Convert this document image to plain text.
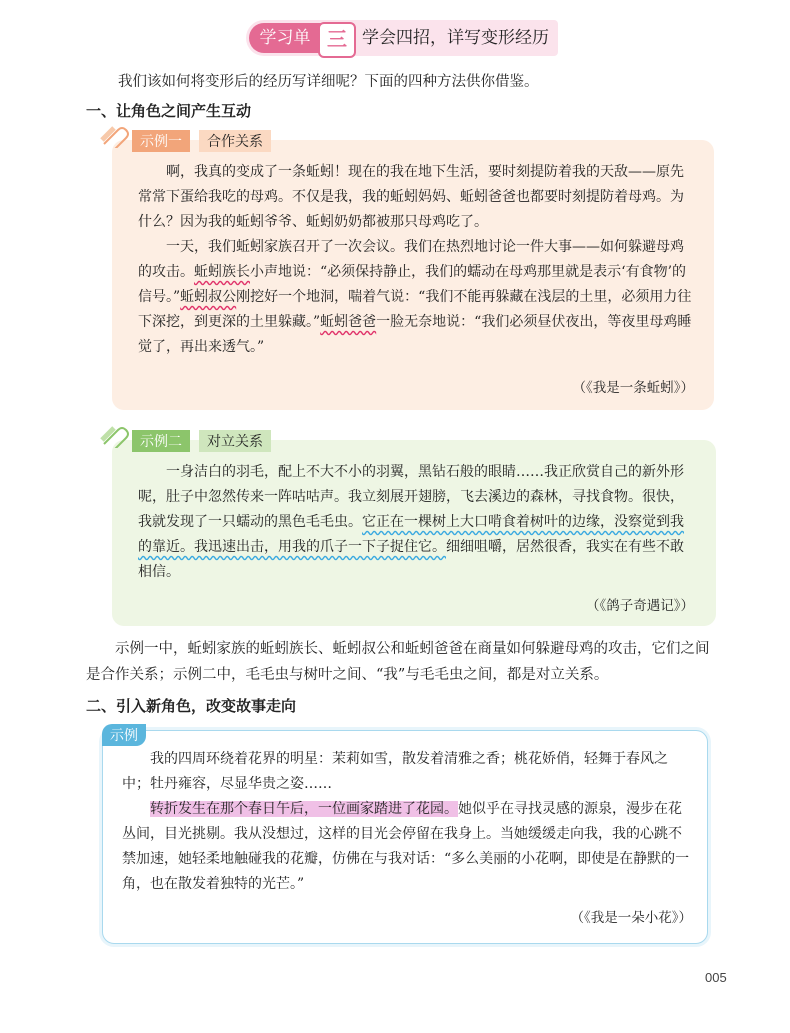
学习单 三 学会四招，详写变形经历
我们该如何将变形后的经历写详细呢？下面的四种方法供你借鉴。
一、让角色之间产生互动
示例一	合作关系
啊，我真的变成了一条蚯蚓！现在的我在地下生活，要时刻提防着我的天敌——原先常常下蛋给我吃的母鸡。不仅是我，我的蚯蚓妈妈、蚯蚓爸爸也都要时刻提防着母鸡。为什么？因为我的蚯蚓爷爷、蚯蚓奶奶都被那只母鸡吃了。
一天，我们蚯蚓家族召开了一次会议。我们在热烈地讨论一件大事——如何躲避母鸡的攻击。蚯蚓族长小声地说：“必须保持静止，我们的蠕动在母鸡那里就是表示‘有食物’的信号。”蚯蚓叔公刚挖好一个地洞，喘着气说：“我们不能再躲藏在浅层的土里，必须用力往下深挖，到更深的土里躲藏。”蚯蚓爸爸一脸无奈地说：“我们必须昼伏夜出，等夜里母鸡睡觉了，再出来透气。”
（《我是一条蚯蚓》）
示例二	对立关系
一身洁白的羽毛，配上不大不小的羽翼，黑钻石般的眼睛……我正欣赏自己的新外形呢，肚子中忽然传来一阵咕咕声。我立刻展开翅膀，飞去溪边的森林，寻找食物。很快，我就发现了一只蠕动的黑色毛毛虫。它正在一棵树上大口啃食着树叶的边缘，没察觉到我的靠近。我迅速出击，用我的爪子一下子捉住它。细细咀嚼，居然很香，我实在有些不敢相信。
（《鸽子奇遇记》）
示例一中，蚯蚓家族的蚯蚓族长、蚯蚓叔公和蚯蚓爸爸在商量如何躲避母鸡的攻击，它们之间是合作关系；示例二中，毛毛虫与树叶之间、“我”与毛毛虫之间，都是对立关系。
二、引入新角色，改变故事走向
示例
我的四周环绕着花界的明星：茉莉如雪，散发着清雅之香；桃花娇俏，轻舞于春风之中；牡丹雍容，尽显华贵之姿……
转折发生在那个春日午后，一位画家踏进了花园。她似乎在寻找灵感的源泉，漫步在花丛间，目光挑剔。我从没想过，这样的目光会停留在我身上。当她缓缓走向我，我的心跳不禁加速，她轻柔地触碰我的花瓣，仿佛在与我对话：“多么美丽的小花啊，即使是在静默的一角，也在散发着独特的光芒。”
（《我是一朵小花》）
005
